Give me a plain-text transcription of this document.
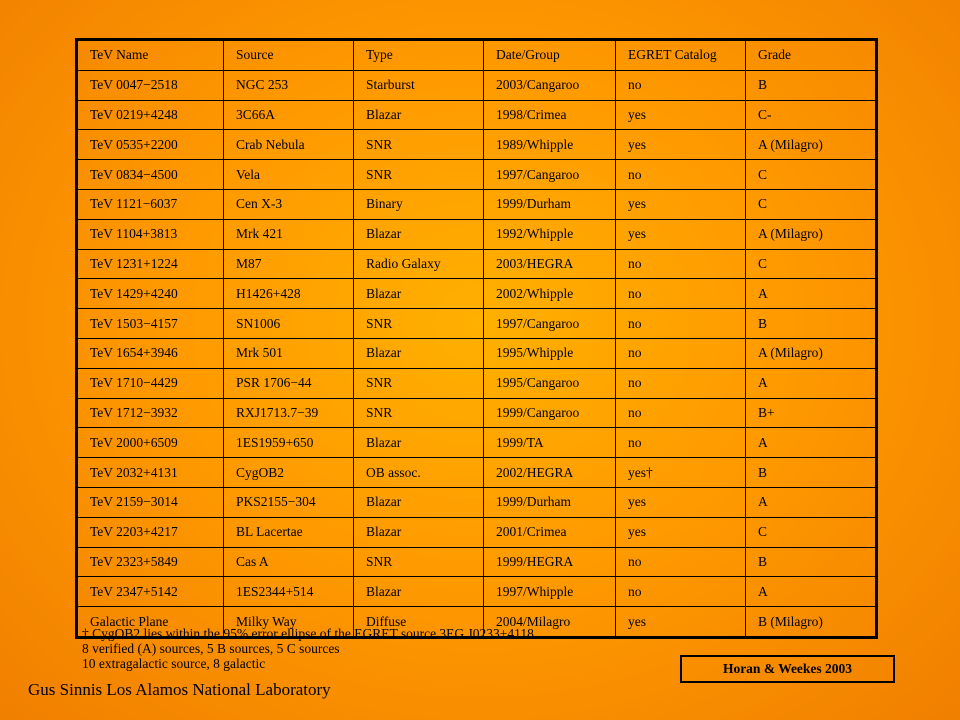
TeV Name	Source	Type	Date/Group	EGRET Catalog	Grade
TeV 0047−2518	NGC 253	Starburst	2003/Cangaroo	no	B
TeV 0219+4248	3C66A	Blazar	1998/Crimea	yes	C-
TeV 0535+2200	Crab Nebula	SNR	1989/Whipple	yes	A (Milagro)
TeV 0834−4500	Vela	SNR	1997/Cangaroo	no	C
TeV 1121−6037	Cen X-3	Binary	1999/Durham	yes	C
TeV 1104+3813	Mrk 421	Blazar	1992/Whipple	yes	A (Milagro)
TeV 1231+1224	M87	Radio Galaxy	2003/HEGRA	no	C
TeV 1429+4240	H1426+428	Blazar	2002/Whipple	no	A
TeV 1503−4157	SN1006	SNR	1997/Cangaroo	no	B
TeV 1654+3946	Mrk 501	Blazar	1995/Whipple	no	A (Milagro)
TeV 1710−4429	PSR 1706−44	SNR	1995/Cangaroo	no	A
TeV 1712−3932	RXJ1713.7−39	SNR	1999/Cangaroo	no	B+
TeV 2000+6509	1ES1959+650	Blazar	1999/TA	no	A
TeV 2032+4131	CygOB2	OB assoc.	2002/HEGRA	yes†	B
TeV 2159−3014	PKS2155−304	Blazar	1999/Durham	yes	A
TeV 2203+4217	BL Lacertae	Blazar	2001/Crimea	yes	C
TeV 2323+5849	Cas A	SNR	1999/HEGRA	no	B
TeV 2347+5142	1ES2344+514	Blazar	1997/Whipple	no	A
Galactic Plane	Milky Way	Diffuse	2004/Milagro	yes	B (Milagro)
† CygOB2 lies within the 95% error ellipse of the EGRET source 3EG J0233+4118
8 verified (A) sources, 5 B sources, 5 C sources
10 extragalactic source, 8 galactic	Horan & Weekes 2003
Gus Sinnis Los Alamos National Laboratory
